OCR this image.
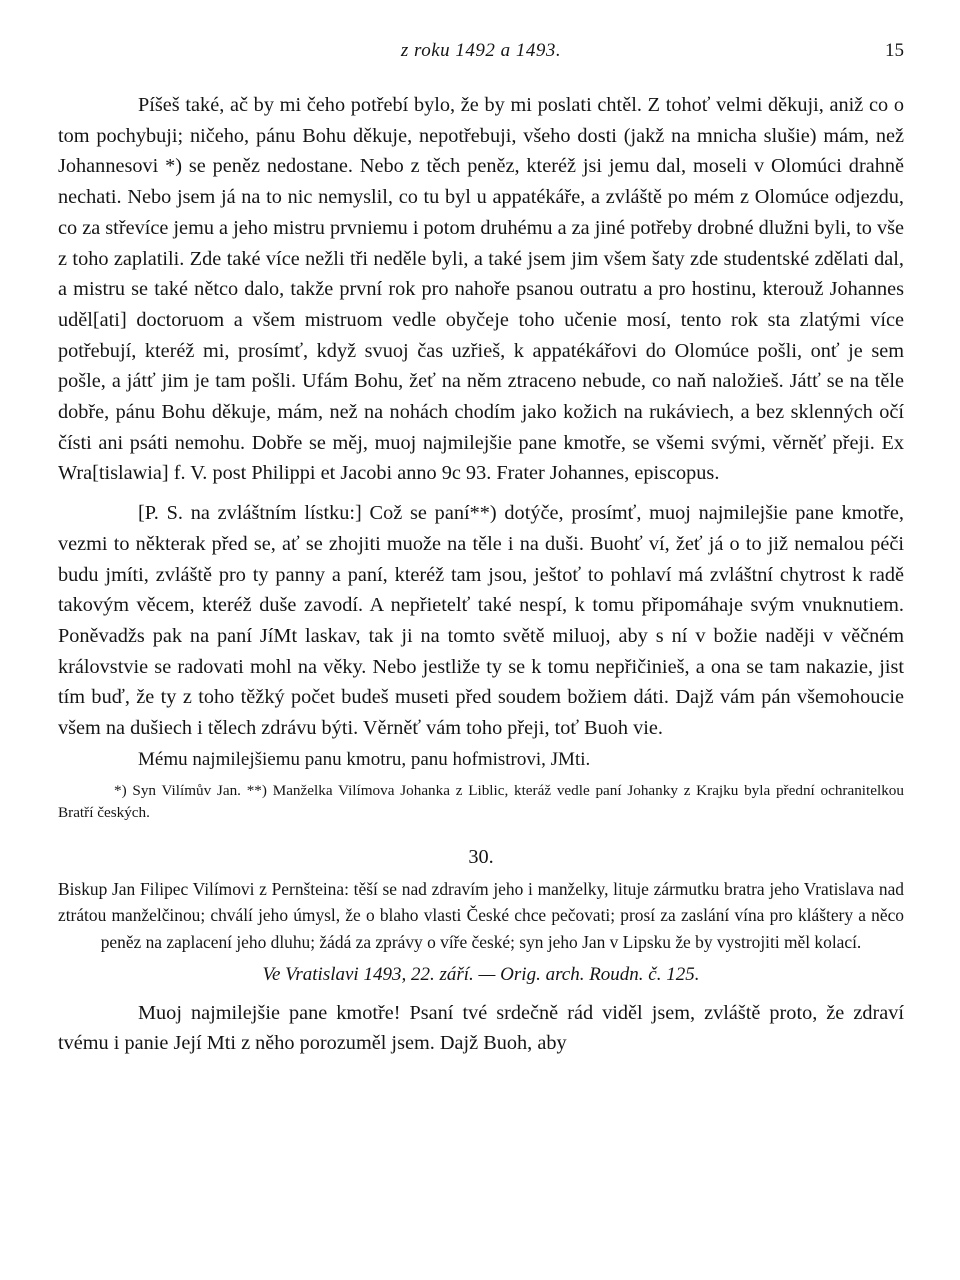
z roku 1492 a 1493.	15

Píšeš také, ač by mi čeho potřebí bylo, že by mi poslati chtěl. Z tohoť velmi děkuji, aniž co o tom pochybuji; ničeho, pánu Bohu děkuje, nepotřebuji, všeho dosti (jakž na mnicha slušie) mám, než Johannesovi *) se peněz nedostane. Nebo z těch peněz, kteréž jsi jemu dal, moseli v Olomúci drahně nechati. Nebo jsem já na to nic nemyslil, co tu byl u appatékáře, a zvláště po mém z Olomúce odjezdu, co za střevíce jemu a jeho mistru prvniemu i potom druhému a za jiné potřeby drobné dlužni byli, to vše z toho zaplatili. Zde také více nežli tři neděle byli, a také jsem jim všem šaty zde studentské zdělati dal, a mistru se také nětco dalo, takže první rok pro nahoře psanou outratu a pro hostinu, kterouž Johannes uděl[ati] doctoruom a všem mistruom vedle obyčeje toho učenie mosí, tento rok sta zlatými více potřebují, kteréž mi, prosímť, když svuoj čas uzřieš, k appatékářovi do Olomúce pošli, onť je sem pošle, a játť jim je tam pošli. Ufám Bohu, žeť na něm ztraceno nebude, co naň naložieš. Játť se na těle dobře, pánu Bohu děkuje, mám, než na nohách chodím jako kožich na rukáviech, a bez sklenných očí čísti ani psáti nemohu. Dobře se měj, muoj najmilejšie pane kmotře, se všemi svými, věrněť přeji. Ex Wra[tislawia] f. V. post Philippi et Jacobi anno 9c 93. Frater Johannes, episcopus.

[P. S. na zvláštním lístku:] Což se paní**) dotýče, prosímť, muoj najmilejšie pane kmotře, vezmi to některak před se, ať se zhojiti muože na těle i na duši. Buohť ví, žeť já o to již nemalou péči budu jmíti, zvláště pro ty panny a paní, kteréž tam jsou, ještoť to pohlaví má zvláštní chytrost k radě takovým věcem, kteréž duše zavodí. A nepřietelť také nespí, k tomu připomáhaje svým vnuknutiem. Poněvadžs pak na paní JíMt laskav, tak ji na tomto světě miluoj, aby s ní v božie naději v věčném královstvie se radovati mohl na věky. Nebo jestliže ty se k tomu nepřičinieš, a ona se tam nakazie, jist tím buď, že ty z toho těžký počet budeš museti před soudem božiem dáti. Dajž vám pán všemohoucie všem na dušiech i tělech zdrávu býti. Věrněť vám toho přeji, toť Buoh vie.

Mému najmilejšiemu panu kmotru, panu hofmistrovi, JMti.
*) Syn Vilímův Jan. **) Manželka Vilímova Johanka z Liblic, kteráž vedle paní Johanky z Krajku byla přední ochranitelkou Bratří českých.
30.
Biskup Jan Filipec Vilímovi z Pernšteina: těší se nad zdravím jeho i manželky, lituje zármutku bratra jeho Vratislava nad ztrátou manželčinou; chválí jeho úmysl, že o blaho vlasti České chce pečovati; prosí za zaslání vína pro kláštery a něco peněz na zaplacení jeho dluhu; žádá za zprávy o víře české; syn jeho Jan v Lipsku že by vystrojiti měl kolací.
Ve Vratislavi 1493, 22. září. — Orig. arch. Roudn. č. 125.

Muoj najmilejšie pane kmotře! Psaní tvé srdečně rád viděl jsem, zvláště proto, že zdraví tvému i panie Její Mti z něho porozuměl jsem. Dajž Buoh, aby
